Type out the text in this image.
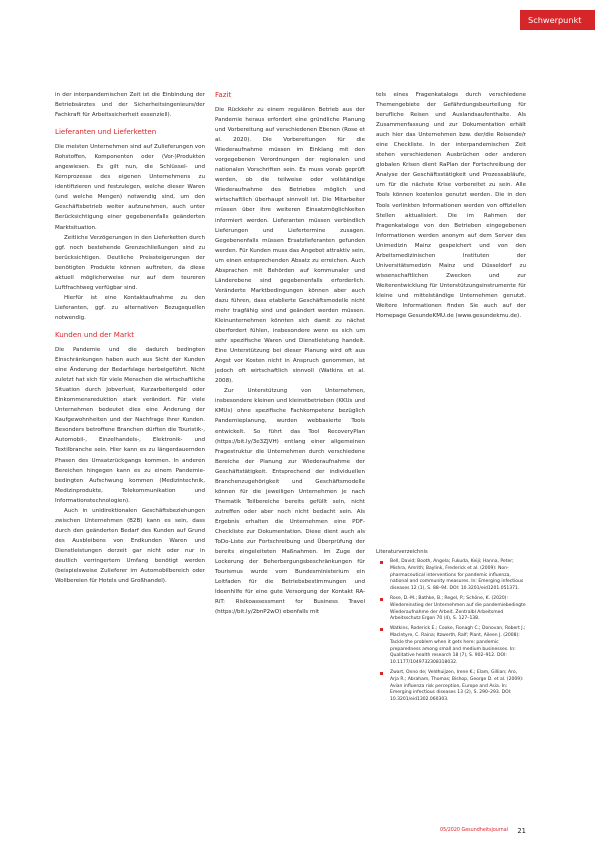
Schwerpunkt

in der interpandemischen Zeit ist die Einbindung der Betriebsärztes und der Sicherheitsingenieurs/der Fachkraft für Arbeitssicherheit essenziell).

Lieferanten und Lieferketten

Die meisten Unternehmen sind auf Zulieferungen von Rohstoffen, Komponenten oder (Vor-)Produkten angewiesen. Es gilt nun, die Schlüssel- und Kernprozesse des eigenen Unternehmens zu identifizieren und festzulegen, welche dieser Waren (und welche Mengen) notwendig sind, um den Geschäftsbetrieb weiter aufzunehmen, auch unter Berücksichtigung einer gegebenenfalls geänderten Marktsituation.

Zeitliche Verzögerungen in den Lieferketten durch ggf. noch bestehende Grenzschließungen sind zu berücksichtigen. Deutliche Preissteigerungen der benötigten Produkte können auftreten, da diese aktuell möglicherweise nur auf dem teureren Luftfrachtweg verfügbar sind.

Hierfür ist eine Kontaktaufnahme zu den Lieferanten, ggf. zu alternativen Bezugsquellen notwendig.

Kunden und der Markt

Die Pandemie und die dadurch bedingten Einschränkungen haben auch aus Sicht der Kunden eine Änderung der Bedarfslage herbeigeführt. Nicht zuletzt hat sich für viele Menschen die wirtschaftliche Situation durch Jobverlust, Kurzarbeitergeld oder Einkommensreduktion stark verändert. Für viele Unternehmen bedeutet dies eine Änderung der Kaufgewohnheiten und der Nachfrage ihrer Kunden. Besonders betroffene Branchen dürften die Touristik-, Automobil-, Einzelhandels-, Elektronik- und Textilbranche sein. Hier kann es zu längerdauernden Phasen des Umsatzrückgangs kommen. In anderen Bereichen hingegen kann es zu einem Pandemie-bedingten Aufschwung kommen (Medizintechnik, Medizinprodukte, Telekommunikation und Informationstechnologien).

Auch in unidirektionalen Geschäftsbeziehungen zwischen Unternehmen (B2B) kann es sein, dass durch den geänderten Bedarf des Kunden auf Grund des Ausbleibens von Endkunden Waren und Dienstleistungen derzeit gar nicht oder nur in deutlich verringertem Umfang benötigt werden (beispielsweise Zulieferer im Automobilbereich oder Wollbereien für Hotels und Großhandel).

Fazit

Die Rückkehr zu einem regulären Betrieb aus der Pandemie heraus erfordert eine gründliche Planung und Vorbereitung auf verschiedenen Ebenen (Rose et al. 2020). Die Vorbereitungen für die Wiederaufnahme müssen im Einklang mit den vorgegebenen Verordnungen der regionalen und nationalen Vorschriften sein. Es muss vorab geprüft werden, ob die teilweise oder vollständige Wiederaufnahme des Betriebes möglich und wirtschaftlich überhaupt sinnvoll ist. Die Mitarbeiter müssen über ihre weiteren Einsatzmöglichkeiten informiert werden. Lieferanten müssen verbindlich Lieferungen und Liefertermine zusagen. Gegebenenfalls müssen Ersatzlieferanten gefunden werden. Für Kunden muss das Angebot attraktiv sein, um einen entsprechenden Absatz zu erreichen. Auch Absprachen mit Behörden auf kommunaler und Länderebene sind gegebenenfalls erforderlich. Veränderte Marktbedingungen können aber auch dazu führen, dass etablierte Geschäftsmodelle nicht mehr tragfähig sind und geändert werden müssen. Kleinunternehmen könnten sich damit zu nächst überfordert fühlen, insbesondere wenn es sich um sehr spezifische Waren und Dienstleistung handelt. Eine Unterstützung bei dieser Planung wird oft aus Angst vor Kosten nicht in Anspruch genommen, ist jedoch oft wirtschaftlich sinnvoll (Watkins et al. 2008).

Zur Unterstützung von Unternehmen, insbesondere kleinen und kleinstbetrieben (KKUs und KMUs) ohne spezifische Fachkompetenz bezüglich Pandemieplanung, wurden webbasierte Tools entwickelt. So führt das Tool RecoveryPlan (https://bit.ly/3e3ZJVH) entlang einer allgemeinen Fragestruktur die Unternehmen durch verschiedene Bereiche der Planung zur Wiederaufnahme der Geschäftstätigkeit. Entsprechend der individuellen Branchenzugehörigkeit und Geschäftsmodelle können für die jeweiligen Unternehmen je nach Thematik Teilbereiche bereits gefüllt sein, nicht zutreffen oder aber noch nicht bedacht sein. Als Ergebnis erhalten die Unternehmen eine PDF-Checkliste zur Dokumentation. Diese dient auch als ToDo-Liste zur Fortschreibung und Überprüfung der bereits eingeleiteten Maßnahmen. Im Zuge der Lockerung der Beherbergungsbeschränkungen für Tourismus wurde vom Bundesministerium ein Leitfaden für die Betriebsbestimmungen und Ideenhilfe für eine gute Versorgung der Kontakt RA-RiT: Risikoassessment for Business Travel (https://bit.ly/2bnP2wO) ebenfalls mit

tels eines Fragenkatalogs durch verschiedene Themengebiete der Gefährdungsbeurteilung für berufliche Reisen und Auslandsaufenthalte. Als Zusammenfassung und zur Dokumentation erhält auch hier das Unternehmen bzw. der/die Reisende/r eine Checkliste. In der interpandemischen Zeit stehen verschiedenen Ausbrüchen oder anderen globalen Krisen dient RaPlan der Fortschreibung der Analyse der Geschäftsstätigkeit und Prozessabläufe, um für die nächste Krise vorbereitet zu sein. Alle Tools können kostenlos genutzt werden. Die in den Tools verlinkten Informationen werden von offiziellen Stellen aktualisiert. Die im Rahmen der Fragenkataloge von den Betrieben eingegebenen Informationen werden anonym auf dem Server des Unimedizin Mainz gespeichert und von den Arbeitsmedizinischen Instituten der Universitätsmedizin Mainz und Düsseldorf zu wissenschaftlichen Zwecken und zur Weiterentwicklung für Unterstützungsinstrumente für kleine und mittelständige Unternehmen genutzt. Weitere Informationen finden Sie auch auf der Homepage GesundeKMU.de (www.gesundekmu.de).

Literaturverzeichnis

Bell, David; Booth, Angela; Fukuda, Keiji; Hanna, Peter; Mishra, Amrith; Baylink, Frederick et al. (2009): Non-pharmaceutical interventions for pandemic influenza, national and community measures. In: Emerging infectious diseases 12 (1), S. 88–94. DOI: 10.3201/eid1201.051371.
Rose, D.-M.; Bathke, B.; Regel, P.; Schöne, K. (2020): Wiedereinstieg der Unternehmen auf die pandemiebedingte Wiederaufnahme der Arbeit. Zentralbl Arbeitsmed Arbeitsschutz Ergon 70 (4), S. 127–138.
Watkins, Roderick E.; Cooke, Fionagh C.; Donovan, Robert J.; MacIntyre, C. Raina; Itzwerth, Ralf; Plant, Aileen J. (2008): Tackle the problem when it gets here: pandemic preparedness among small and medium businesses. In: Qualitative health research 18 (7), S. 902–912. DOI: 10.1177/1049732308318032.
Zwart, Onno de; Veldhuijzen, Irene K.; Elam, Gillian; Aro, Arja R.; Abraham, Thomas; Bishop, George D. et al. (2009): Avian influenza risk perception, Europe and Asia. In: Emerging infectious diseases 13 (2), S. 290–293. DOI: 10.3201/eid1302.060303.
05/2020 Gesundheitsjournal 21
